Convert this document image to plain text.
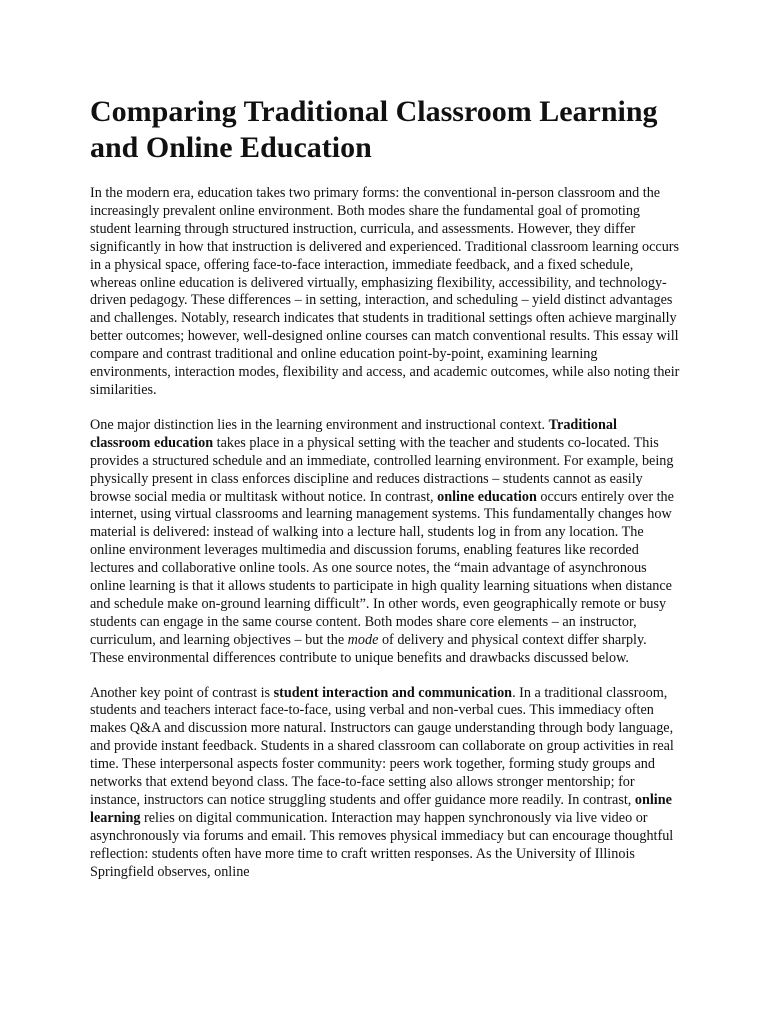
Comparing Traditional Classroom Learning and Online Education

In the modern era, education takes two primary forms: the conventional in-person classroom and the increasingly prevalent online environment. Both modes share the fundamental goal of promoting student learning through structured instruction, curricula, and assessments. However, they differ significantly in how that instruction is delivered and experienced. Traditional classroom learning occurs in a physical space, offering face-to-face interaction, immediate feedback, and a fixed schedule, whereas online education is delivered virtually, emphasizing flexibility, accessibility, and technology-driven pedagogy. These differences – in setting, interaction, and scheduling – yield distinct advantages and challenges. Notably, research indicates that students in traditional settings often achieve marginally better outcomes; however, well-designed online courses can match conventional results. This essay will compare and contrast traditional and online education point-by-point, examining learning environments, interaction modes, flexibility and access, and academic outcomes, while also noting their similarities.

One major distinction lies in the learning environment and instructional context. Traditional classroom education takes place in a physical setting with the teacher and students co-located. This provides a structured schedule and an immediate, controlled learning environment. For example, being physically present in class enforces discipline and reduces distractions – students cannot as easily browse social media or multitask without notice. In contrast, online education occurs entirely over the internet, using virtual classrooms and learning management systems. This fundamentally changes how material is delivered: instead of walking into a lecture hall, students log in from any location. The online environment leverages multimedia and discussion forums, enabling features like recorded lectures and collaborative online tools. As one source notes, the “main advantage of asynchronous online learning is that it allows students to participate in high quality learning situations when distance and schedule make on-ground learning difficult”. In other words, even geographically remote or busy students can engage in the same course content. Both modes share core elements – an instructor, curriculum, and learning objectives – but the mode of delivery and physical context differ sharply. These environmental differences contribute to unique benefits and drawbacks discussed below.

Another key point of contrast is student interaction and communication. In a traditional classroom, students and teachers interact face-to-face, using verbal and non-verbal cues. This immediacy often makes Q&A and discussion more natural. Instructors can gauge understanding through body language, and provide instant feedback. Students in a shared classroom can collaborate on group activities in real time. These interpersonal aspects foster community: peers work together, forming study groups and networks that extend beyond class. The face-to-face setting also allows stronger mentorship; for instance, instructors can notice struggling students and offer guidance more readily. In contrast, online learning relies on digital communication. Interaction may happen synchronously via live video or asynchronously via forums and email. This removes physical immediacy but can encourage thoughtful reflection: students often have more time to craft written responses. As the University of Illinois Springfield observes, online
